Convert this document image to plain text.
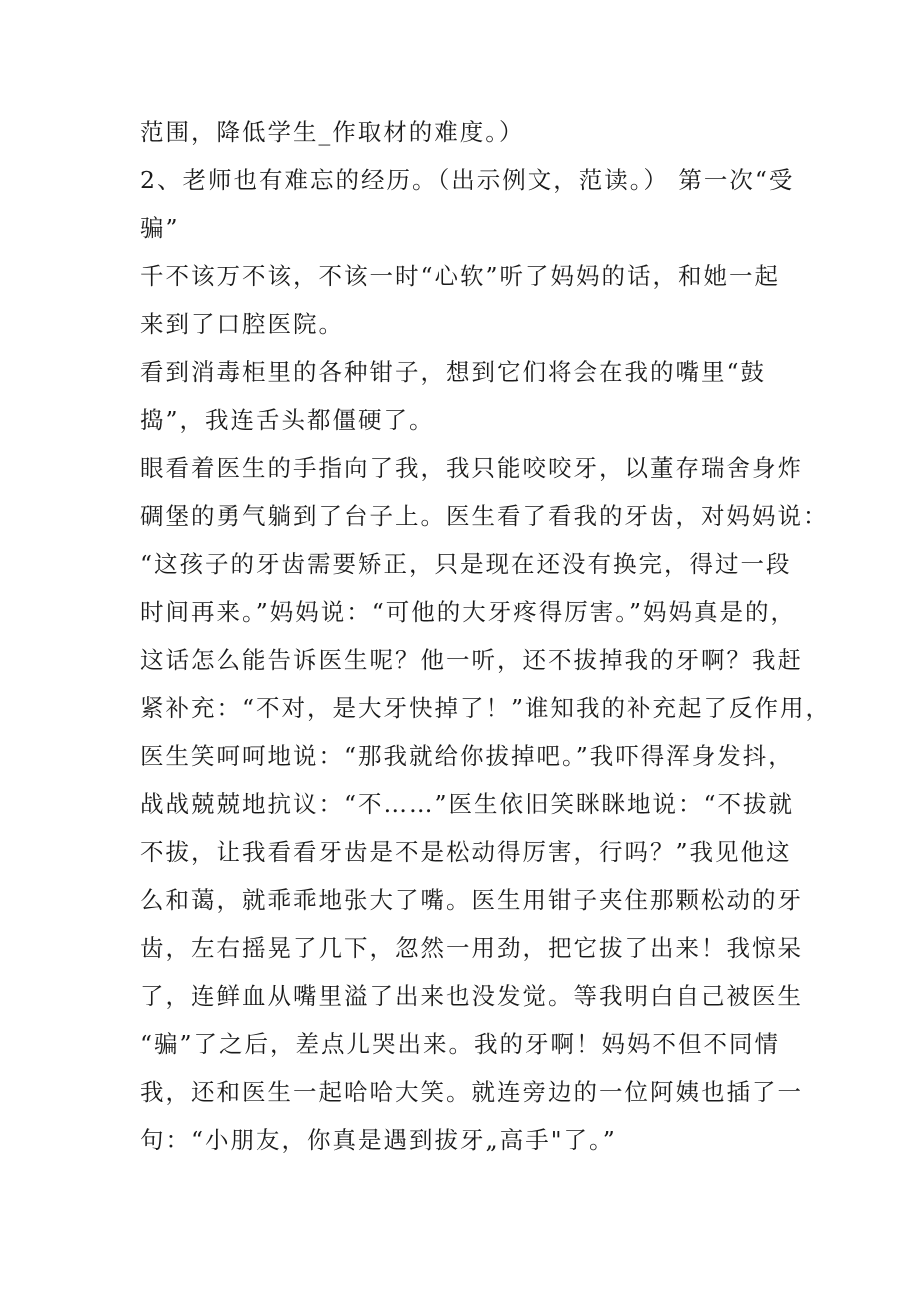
范围，降低学生_作取材的难度。）
2、老师也有难忘的经历。（出示例文，范读。） 第一次“受
骗”
千不该万不该，不该一时“心软”听了妈妈的话，和她一起
来到了口腔医院。
看到消毒柜里的各种钳子，想到它们将会在我的嘴里“鼓
捣”，我连舌头都僵硬了。
眼看着医生的手指向了我，我只能咬咬牙，以董存瑞舍身炸
碉堡的勇气躺到了台子上。医生看了看我的牙齿，对妈妈说：
“这孩子的牙齿需要矫正，只是现在还没有换完，得过一段
时间再来。”妈妈说：“可他的大牙疼得厉害。”妈妈真是的，
这话怎么能告诉医生呢？他一听，还不拔掉我的牙啊？我赶
紧补充：“不对，是大牙快掉了！”谁知我的补充起了反作用，
医生笑呵呵地说：“那我就给你拔掉吧。”我吓得浑身发抖，
战战兢兢地抗议：“不……”医生依旧笑眯眯地说：“不拔就
不拔，让我看看牙齿是不是松动得厉害，行吗？”我见他这
么和蔼，就乖乖地张大了嘴。医生用钳子夹住那颗松动的牙
齿，左右摇晃了几下，忽然一用劲，把它拔了出来！我惊呆
了，连鲜血从嘴里溢了出来也没发觉。等我明白自己被医生
“骗”了之后，差点儿哭出来。我的牙啊！妈妈不但不同情
我，还和医生一起哈哈大笑。就连旁边的一位阿姨也插了一
句：“小朋友，你真是遇到拔牙„高手"了。”
